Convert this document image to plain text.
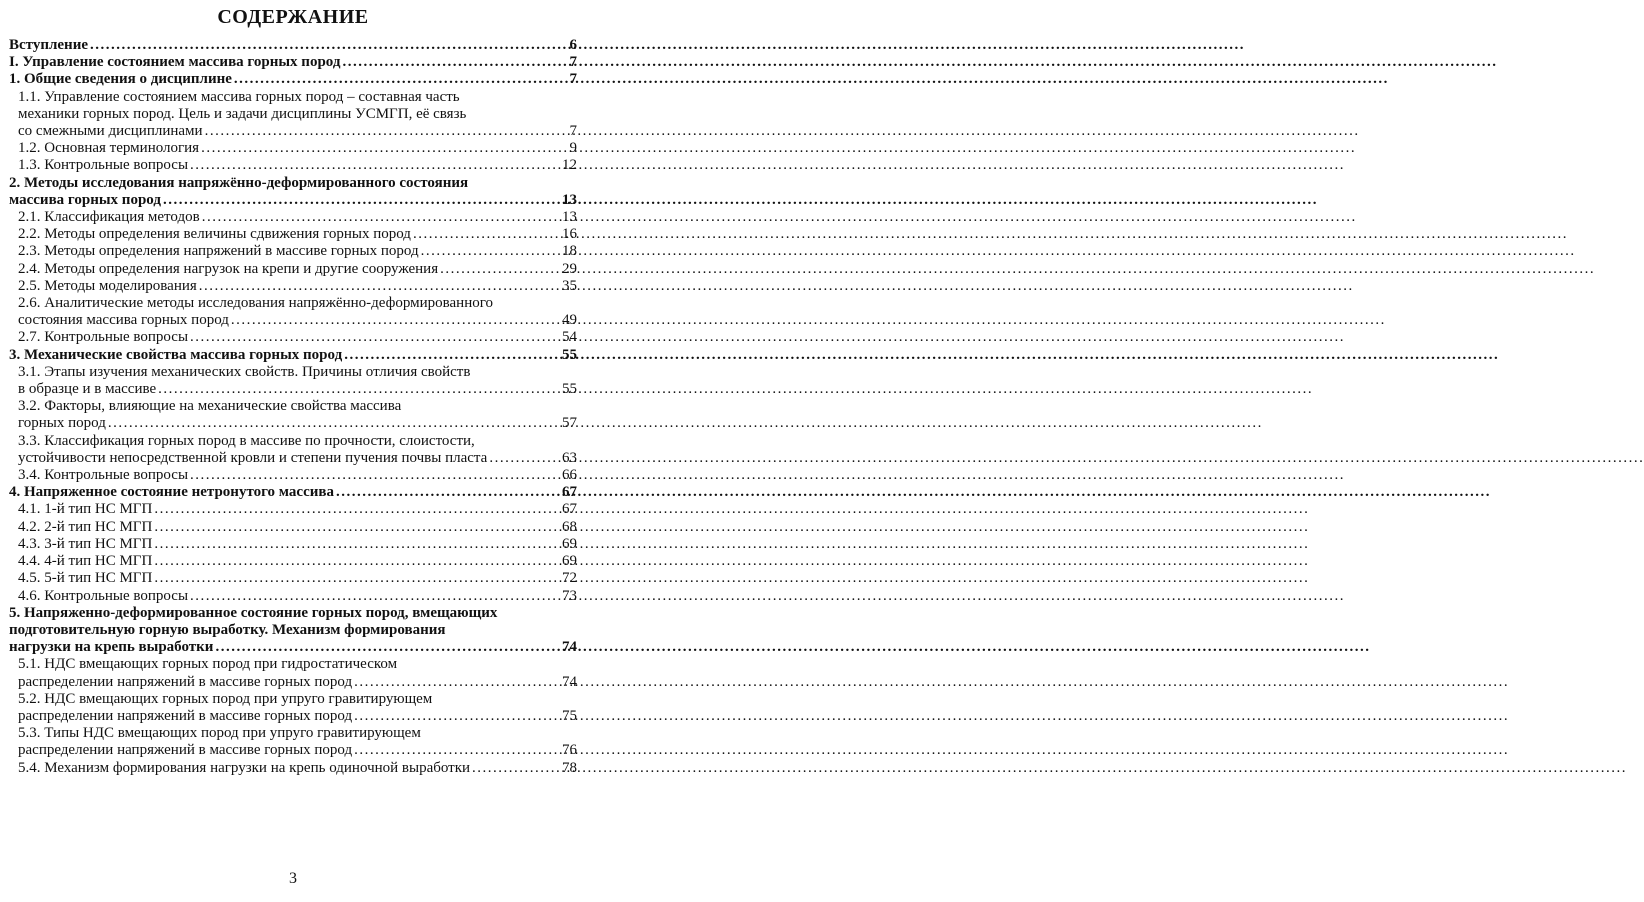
СОДЕРЖАНИЕ
Вступление .....	6
I. Управление состоянием массива горных пород .....	7
1. Общие сведения о дисциплине .....	7
1.1. Управление состоянием массива горных пород – составная часть
механики горных пород. Цель и задачи дисциплины УСМГП, её связь
со смежными дисциплинами .....	7
1.2. Основная терминология .....	9
1.3. Контрольные вопросы .....	12
2. Методы исследования напряжённо-деформированного состояния
массива горных пород .....	13
2.1. Классификация методов .....	13
2.2. Методы определения величины сдвижения горных пород .....	16
2.3. Методы определения напряжений в массиве горных пород .....	18
2.4. Методы определения нагрузок на крепи и другие сооружения .....	29
2.5. Методы моделирования .....	35
2.6. Аналитические методы исследования напряжённо-деформированного
состояния массива горных пород .....	49
2.7. Контрольные вопросы .....	54
3. Механические свойства массива горных пород .....	55
3.1. Этапы изучения механических свойств. Причины отличия свойств
в образце и в массиве .....	55
3.2. Факторы, влияющие на механические свойства массива
горных пород .....	57
3.3. Классификация горных пород в массиве по прочности, слоистости,
устойчивости непосредственной кровли и степени пучения почвы пласта .....	63
3.4. Контрольные вопросы .....	66
4. Напряженное состояние нетронутого массива .....	67
4.1. 1-й тип НС МГП .....	67
4.2. 2-й тип НС МГП .....	68
4.3. 3-й тип НС МГП .....	69
4.4. 4-й тип НС МГП .....	69
4.5. 5-й тип НС МГП .....	72
4.6. Контрольные вопросы .....	73
5. Напряженно-деформированное состояние горных пород, вмещающих
подготовительную горную выработку. Механизм формирования
нагрузки на крепь выработки .....	74
5.1. НДС вмещающих горных пород при гидростатическом
распределении напряжений в массиве горных пород .....	74
5.2. НДС вмещающих горных пород при упруго гравитирующем
распределении напряжений в массиве горных пород .....	75
5.3. Типы НДС вмещающих пород при упруго гравитирующем
распределении напряжений в массиве горных пород .....	76
5.4. Механизм формирования нагрузки на крепь одиночной выработки .....	78
3
